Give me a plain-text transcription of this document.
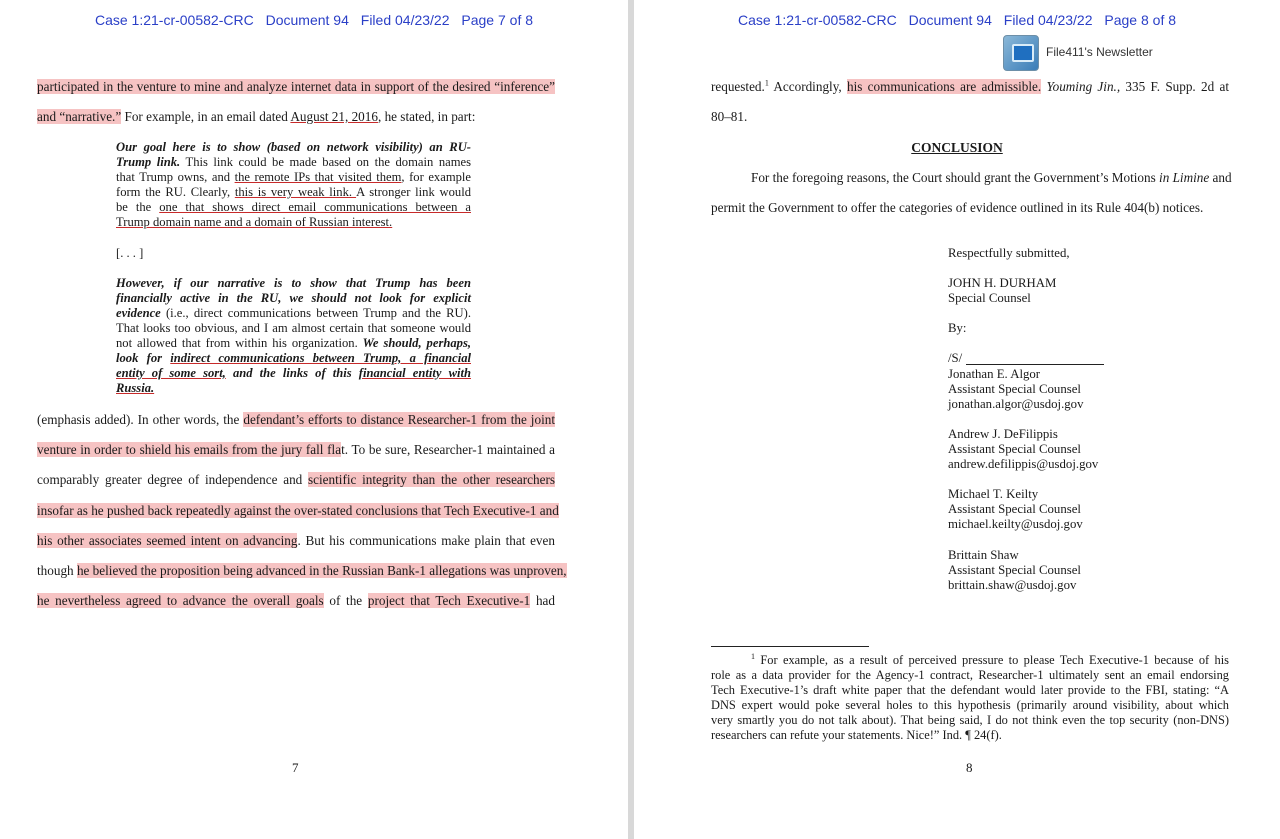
Case 1:21-cr-00582-CRC Document 94 Filed 04/23/22 Page 7 of 8
participated in the venture to mine and analyze internet data in support of the desired “inference”
and “narrative.” For example, in an email dated August 21, 2016, he stated, in part:
Our goal here is to show (based on network visibility) an RU-
Trump link. This link could be made based on the domain names
that Trump owns, and the remote IPs that visited them, for example
form the RU. Clearly, this is very weak link. A stronger link would
be the one that shows direct email communications between a
Trump domain name and a domain of Russian interest.
[. . . ]
However, if our narrative is to show that Trump has been
financially active in the RU, we should not look for explicit
evidence (i.e., direct communications between Trump and the RU).
That looks too obvious, and I am almost certain that someone would
not allowed that from within his organization. We should, perhaps,
look for indirect communications between Trump, a financial
entity of some sort, and the links of this financial entity with
Russia.
(emphasis added). In other words, the defendant’s efforts to distance Researcher-1 from the joint
venture in order to shield his emails from the jury fall flat. To be sure, Researcher-1 maintained a
comparably greater degree of independence and scientific integrity than the other researchers
insofar as he pushed back repeatedly against the over-stated conclusions that Tech Executive-1 and
his other associates seemed intent on advancing. But his communications make plain that even
though he believed the proposition being advanced in the Russian Bank-1 allegations was unproven,
he nevertheless agreed to advance the overall goals of the project that Tech Executive-1 had
7
Case 1:21-cr-00582-CRC Document 94 Filed 04/23/22 Page 8 of 8
File411's Newsletter
requested.$^1$ Accordingly, his communications are admissible. Youming Jin., 335 F. Supp. 2d at
80–81.
CONCLUSION
For the foregoing reasons, the Court should grant the Government’s Motions in Limine and
permit the Government to offer the categories of evidence outlined in its Rule 404(b) notices.
Respectfully submitted,
JOHN H. DURHAM
Special Counsel
By:
/S/
Jonathan E. Algor
Assistant Special Counsel
jonathan.algor@usdoj.gov
Andrew J. DeFilippis
Assistant Special Counsel
andrew.defilippis@usdoj.gov
Michael T. Keilty
Assistant Special Counsel
michael.keilty@usdoj.gov
Brittain Shaw
Assistant Special Counsel
brittain.shaw@usdoj.gov
$^1$ For example, as a result of perceived pressure to please Tech Executive-1 because of his
role as a data provider for the Agency-1 contract, Researcher-1 ultimately sent an email endorsing
Tech Executive-1’s draft white paper that the defendant would later provide to the FBI, stating: “A
DNS expert would poke several holes to this hypothesis (primarily around visibility, about which
very smartly you do not talk about). That being said, I do not think even the top security (non-DNS)
researchers can refute your statements. Nice!” Ind. ¶ 24(f).
8
